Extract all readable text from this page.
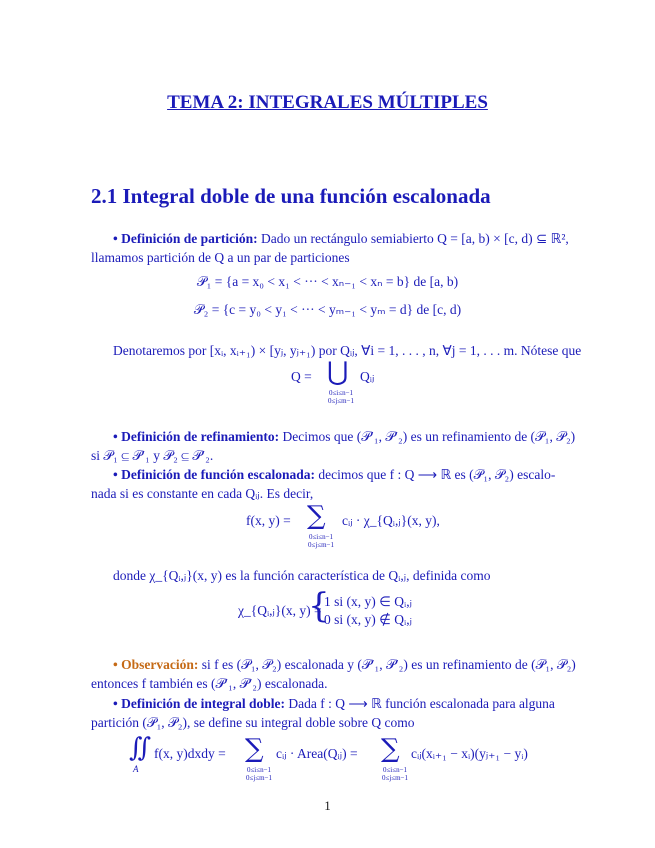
TEMA 2: INTEGRALES MÚLTIPLES
2.1 Integral doble de una función escalonada
• Definición de partición: Dado un rectángulo semiabierto Q = [a, b) × [c, d) ⊆ ℝ²,
llamamos partición de Q a un par de particiones
𝒫₁ = {a = x₀ < x₁ < ··· < xₙ₋₁ < xₙ = b} de [a, b)
𝒫₂ = {c = y₀ < y₁ < ··· < yₘ₋₁ < yₘ = d} de [c, d)
Denotaremos por [xᵢ, xᵢ₊₁) × [yⱼ, yⱼ₊₁) por Qᵢⱼ, ∀i = 1, . . . , n, ∀j = 1, . . . m. Nótese que
Q = ⋃ Qᵢⱼ
0≤i≤n−1
0≤j≤m−1
• Definición de refinamiento: Decimos que (𝒫′₁, 𝒫′₂) es un refinamiento de (𝒫₁, 𝒫₂)
si 𝒫₁ ⊆ 𝒫′₁ y 𝒫₂ ⊆ 𝒫′₂.
• Definición de función escalonada: decimos que f : Q ⟶ ℝ es (𝒫₁, 𝒫₂) escalo-
nada si es constante en cada Qᵢⱼ. Es decir,
f(x, y) = ∑ cᵢⱼ · χ_{Qᵢ,ⱼ}(x, y),
0≤i≤n−1
0≤j≤m−1
donde χ_{Qᵢ,ⱼ}(x, y) es la función característica de Qᵢ,ⱼ, definida como
χ_{Qᵢ,ⱼ}(x, y) =
{
1 si (x, y) ∈ Qᵢ,ⱼ
0 si (x, y) ∉ Qᵢ,ⱼ
• Observación: si f es (𝒫₁, 𝒫₂) escalonada y (𝒫′₁, 𝒫′₂) es un refinamiento de (𝒫₁, 𝒫₂)
entonces f también es (𝒫′₁, 𝒫′₂) escalonada.
• Definición de integral doble: Dada f : Q ⟶ ℝ función escalonada para alguna
partición (𝒫₁, 𝒫₂), se define su integral doble sobre Q como
∬
A
f(x, y)dxdy = ∑
0≤i≤n−1
0≤j≤m−1
cᵢⱼ · Area(Qᵢⱼ) = ∑
0≤i≤n−1
0≤j≤m−1
cᵢⱼ(xᵢ₊₁ − xᵢ)(yⱼ₊₁ − yᵢ)
1
